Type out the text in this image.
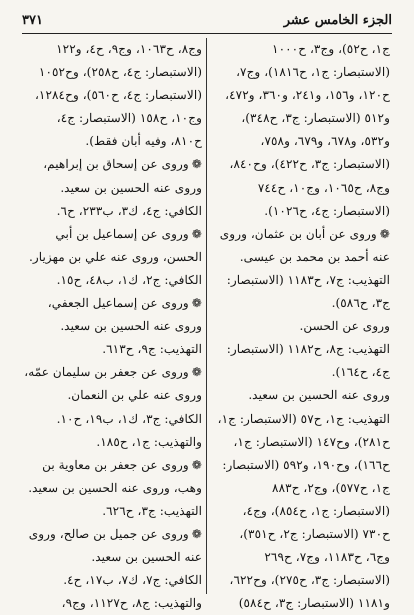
الجزء الخامس عشر
٣٧١
ج١، ح٥٢)، وج٣، ح١٠٠٠
(الاستبصار: ج١، ح١٨١٦)، وج٧،
ح١٢٠، و١٥٦، و٢٤١، و٣٦٠، و٤٧٢،
و٥١٢ (الاستبصار: ج٣، ح٣٤٨)،
و٥٣٢، و٦٧٨، و٦٧٩، و٧٥٨،
(الاستبصار: ج٣، ح٤٢٢)، وح٨٤٠،
وج٨، ح١٠٦٥، وج١٠، ح٧٤٤
(الاستبصار: ج٤، ح١٠٢٦).
❁وروى عن أبان بن عثمان، وروى
عنه أحمد بن محمد بن عيسى.
التهذيب: ج٧، ح١١٨٣ (الاستبصار:
ج٣، ح٥٨٦).
وروى عن الحسن.
التهذيب: ج٨، ح١١٨٢ (الاستبصار:
ج٤، ح١٦٤).
وروى عنه الحسين بن سعيد.
التهذيب: ج١، ح٥٧ (الاستبصار: ج١،
ح٢٨١)، وح١٤٧ (الاستبصار: ج١،
ح١٦٦)، وح١٩٠، و٥٩٢ (الاستبصار:
ج١، ح٥٧٧)، وج٢، ح٨٨٣
(الاستبصار: ج١، ح٨٥٤)، وج٤،
ح٧٣٠ (الاستبصار: ج٢، ح٣٥١)،
وج٦، ح١١٨٣، وج٧، ح٢٦٩
(الاستبصار: ج٣، ح٢٧٥)، وح٦٢٢،
و١١٨١ (الاستبصار: ج٣، ح٥٨٤)
وج٨، ح١٠٦٣، وج٩، ح٤، و١٢٢
(الاستبصار: ج٤، ح٢٥٨)، وح١٠٥٢
(الاستبصار: ج٤، ح٥٦٠)، وح١٢٨٤،
وج١٠، ح١٥٨ (الاستبصار: ج٤،
ح٨١٠، وفيه أبان فقط).
❁وروى عن إسحاق بن إبراهيم،
وروى عنه الحسين بن سعيد.
الكافي: ج٤، ك٣، ب٢٣٣، ح٦.
❁وروى عن إسماعيل بن أبي
الحسن، وروى عنه علي بن مهزيار.
الكافي: ج٢، ك١، ب٤٨، ح١٥.
❁وروى عن إسماعيل الجعفي،
وروى عنه الحسين بن سعيد.
التهذيب: ج٩، ح٦١٣.
❁وروى عن جعفر بن سليمان عمّه،
وروى عنه علي بن النعمان.
الكافي: ج٣، ك١، ب١٩، ح١٠.
والتهذيب: ج١، ح١٨٥.
❁وروى عن جعفر بن معاوية بن
وهب، وروى عنه الحسين بن سعيد.
التهذيب: ج٣، ح٦٢٦.
❁وروى عن جميل بن صالح، وروى
عنه الحسين بن سعيد.
الكافي: ج٧، ك٧، ب١٧، ح٤.
والتهذيب: ج٨، ح١١٢٧، وج٩،
